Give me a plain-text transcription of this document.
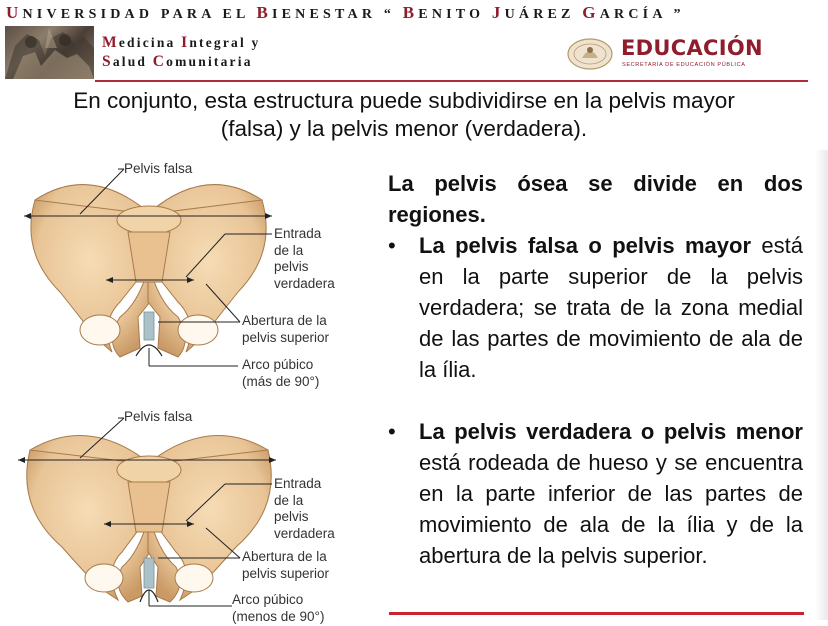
UNIVERSIDAD PARA EL BIENESTAR “ BENITO JUÁREZ GARCÍA ”
Medicina Integral y
Salud Comunitaria
EDUCACIÓN
SECRETARÍA DE EDUCACIÓN PÚBLICA
En conjunto, esta estructura puede subdividirse en la pelvis mayor
(falsa) y la pelvis menor (verdadera).
Pelvis falsa
Entrada
de la
pelvis
verdadera
Abertura de la
pelvis superior
Arco púbico
(más de 90°)
Pelvis falsa
Entrada
de la
pelvis
verdadera
Abertura de la
pelvis superior
Arco púbico
(menos de 90°)

La pelvis ósea se divide en dos regiones.

• La pelvis falsa o pelvis mayor está en la parte superior de la pelvis verdadera; se trata de la zona medial de las partes de movimiento de ala de la ília.
• La pelvis verdadera o pelvis menor está rodeada de hueso y se encuentra en la parte inferior de las partes de movimiento de ala de la ília y de la abertura de la pelvis superior.
